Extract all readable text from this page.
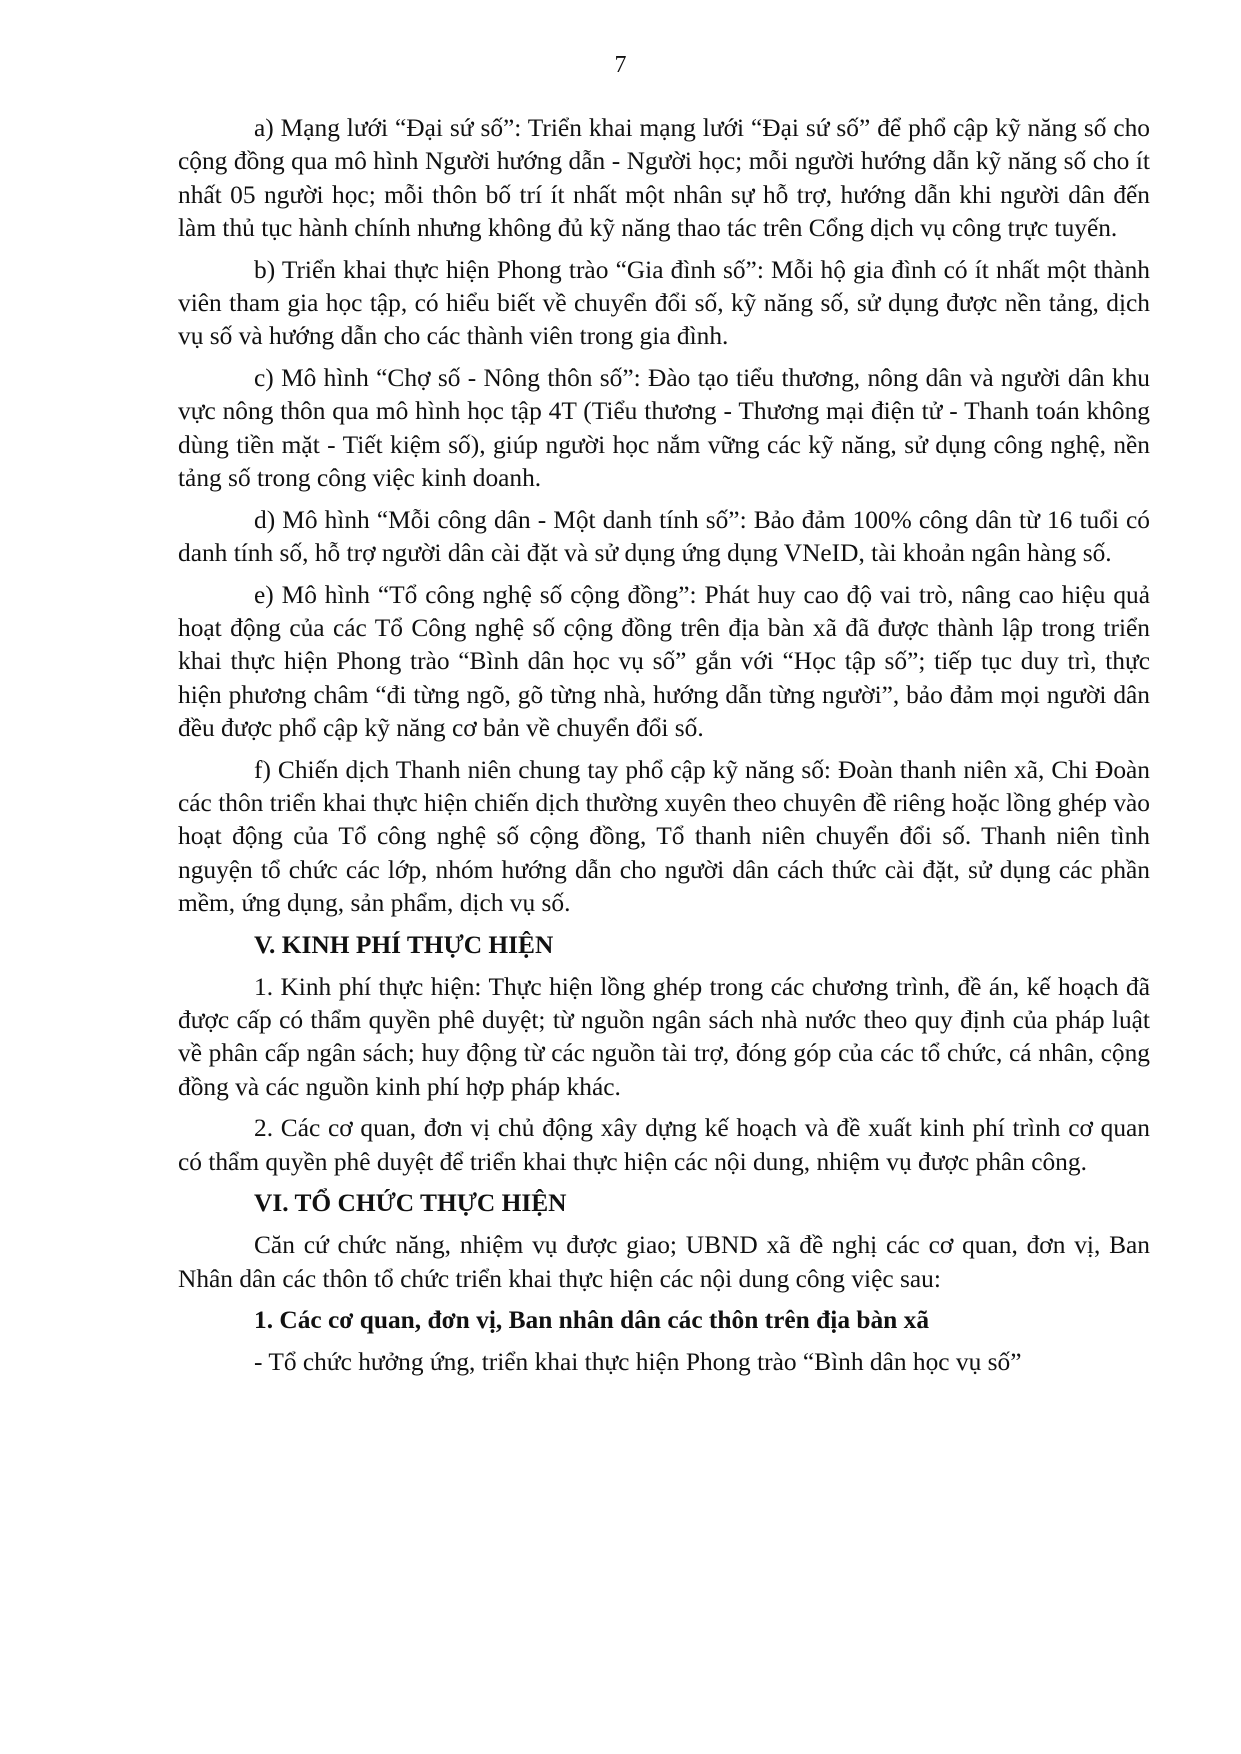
7

a) Mạng lưới “Đại sứ số”: Triển khai mạng lưới “Đại sứ số” để phổ cập kỹ năng số cho cộng đồng qua mô hình Người hướng dẫn - Người học; mỗi người hướng dẫn kỹ năng số cho ít nhất 05 người học; mỗi thôn bố trí ít nhất một nhân sự hỗ trợ, hướng dẫn khi người dân đến làm thủ tục hành chính nhưng không đủ kỹ năng thao tác trên Cổng dịch vụ công trực tuyến.

b) Triển khai thực hiện Phong trào “Gia đình số”: Mỗi hộ gia đình có ít nhất một thành viên tham gia học tập, có hiểu biết về chuyển đổi số, kỹ năng số, sử dụng được nền tảng, dịch vụ số và hướng dẫn cho các thành viên trong gia đình.

c) Mô hình “Chợ số - Nông thôn số”: Đào tạo tiểu thương, nông dân và người dân khu vực nông thôn qua mô hình học tập 4T (Tiểu thương - Thương mại điện tử - Thanh toán không dùng tiền mặt - Tiết kiệm số), giúp người học nắm vững các kỹ năng, sử dụng công nghệ, nền tảng số trong công việc kinh doanh.

d) Mô hình “Mỗi công dân - Một danh tính số”: Bảo đảm 100% công dân từ 16 tuổi có danh tính số, hỗ trợ người dân cài đặt và sử dụng ứng dụng VNeID, tài khoản ngân hàng số.

e) Mô hình “Tổ công nghệ số cộng đồng”: Phát huy cao độ vai trò, nâng cao hiệu quả hoạt động của các Tổ Công nghệ số cộng đồng trên địa bàn xã đã được thành lập trong triển khai thực hiện Phong trào “Bình dân học vụ số” gắn với “Học tập số”; tiếp tục duy trì, thực hiện phương châm “đi từng ngõ, gõ từng nhà, hướng dẫn từng người”, bảo đảm mọi người dân đều được phổ cập kỹ năng cơ bản về chuyển đổi số.

f) Chiến dịch Thanh niên chung tay phổ cập kỹ năng số: Đoàn thanh niên xã, Chi Đoàn các thôn triển khai thực hiện chiến dịch thường xuyên theo chuyên đề riêng hoặc lồng ghép vào hoạt động của Tổ công nghệ số cộng đồng, Tổ thanh niên chuyển đổi số. Thanh niên tình nguyện tổ chức các lớp, nhóm hướng dẫn cho người dân cách thức cài đặt, sử dụng các phần mềm, ứng dụng, sản phẩm, dịch vụ số.

V. KINH PHÍ THỰC HIỆN

1. Kinh phí thực hiện: Thực hiện lồng ghép trong các chương trình, đề án, kế hoạch đã được cấp có thẩm quyền phê duyệt; từ nguồn ngân sách nhà nước theo quy định của pháp luật về phân cấp ngân sách; huy động từ các nguồn tài trợ, đóng góp của các tổ chức, cá nhân, cộng đồng và các nguồn kinh phí hợp pháp khác.

2. Các cơ quan, đơn vị chủ động xây dựng kế hoạch và đề xuất kinh phí trình cơ quan có thẩm quyền phê duyệt để triển khai thực hiện các nội dung, nhiệm vụ được phân công.

VI. TỔ CHỨC THỰC HIỆN

Căn cứ chức năng, nhiệm vụ được giao; UBND xã đề nghị các cơ quan, đơn vị, Ban Nhân dân các thôn tổ chức triển khai thực hiện các nội dung công việc sau:

1. Các cơ quan, đơn vị, Ban nhân dân các thôn trên địa bàn xã

- Tổ chức hưởng ứng, triển khai thực hiện Phong trào “Bình dân học vụ số”
